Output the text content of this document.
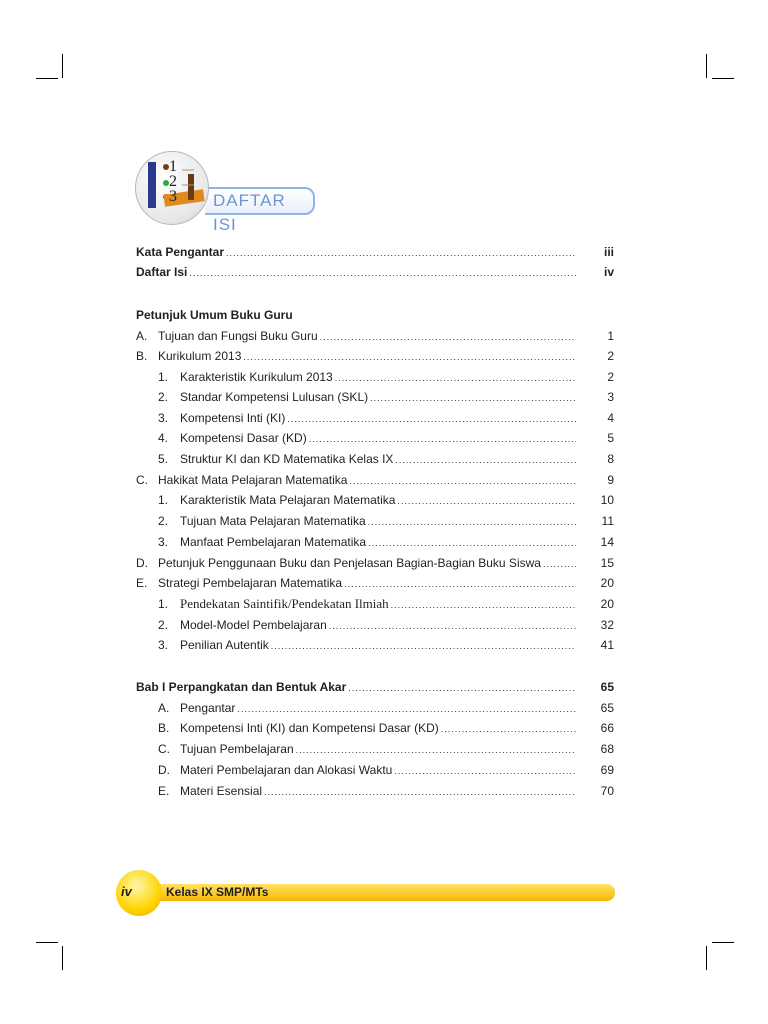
DAFTAR ISI
1
2
3
Kata Pengantar .....	iii
Daftar Isi .....	iv
Petunjuk Umum Buku Guru
A. Tujuan dan Fungsi Buku Guru .....	1
B. Kurikulum 2013 .....	2
1. Karakteristik Kurikulum 2013 .....	2
2. Standar Kompetensi Lulusan (SKL) .....	3
3. Kompetensi Inti (KI) .....	4
4. Kompetensi Dasar (KD) .....	5
5. Struktur KI dan KD Matematika Kelas IX .....	8
C. Hakikat Mata Pelajaran Matematika .....	9
1. Karakteristik Mata Pelajaran Matematika .....	10
2. Tujuan Mata Pelajaran Matematika .....	11
3. Manfaat Pembelajaran Matematika .....	14
D. Petunjuk Penggunaan Buku dan Penjelasan Bagian-Bagian Buku Siswa .....	15
E. Strategi Pembelajaran Matematika .....	20
1. Pendekatan Saintifik/Pendekatan Ilmiah .....	20
2. Model-Model Pembelajaran .....	32
3. Penilian Autentik .....	41
Bab I Perpangkatan dan Bentuk Akar .....	65
A. Pengantar .....	65
B. Kompetensi Inti (KI) dan Kompetensi Dasar (KD) .....	66
C. Tujuan Pembelajaran .....	68
D. Materi Pembelajaran dan Alokasi Waktu .....	69
E. Materi Esensial .....	70
iv	Kelas IX SMP/MTs
